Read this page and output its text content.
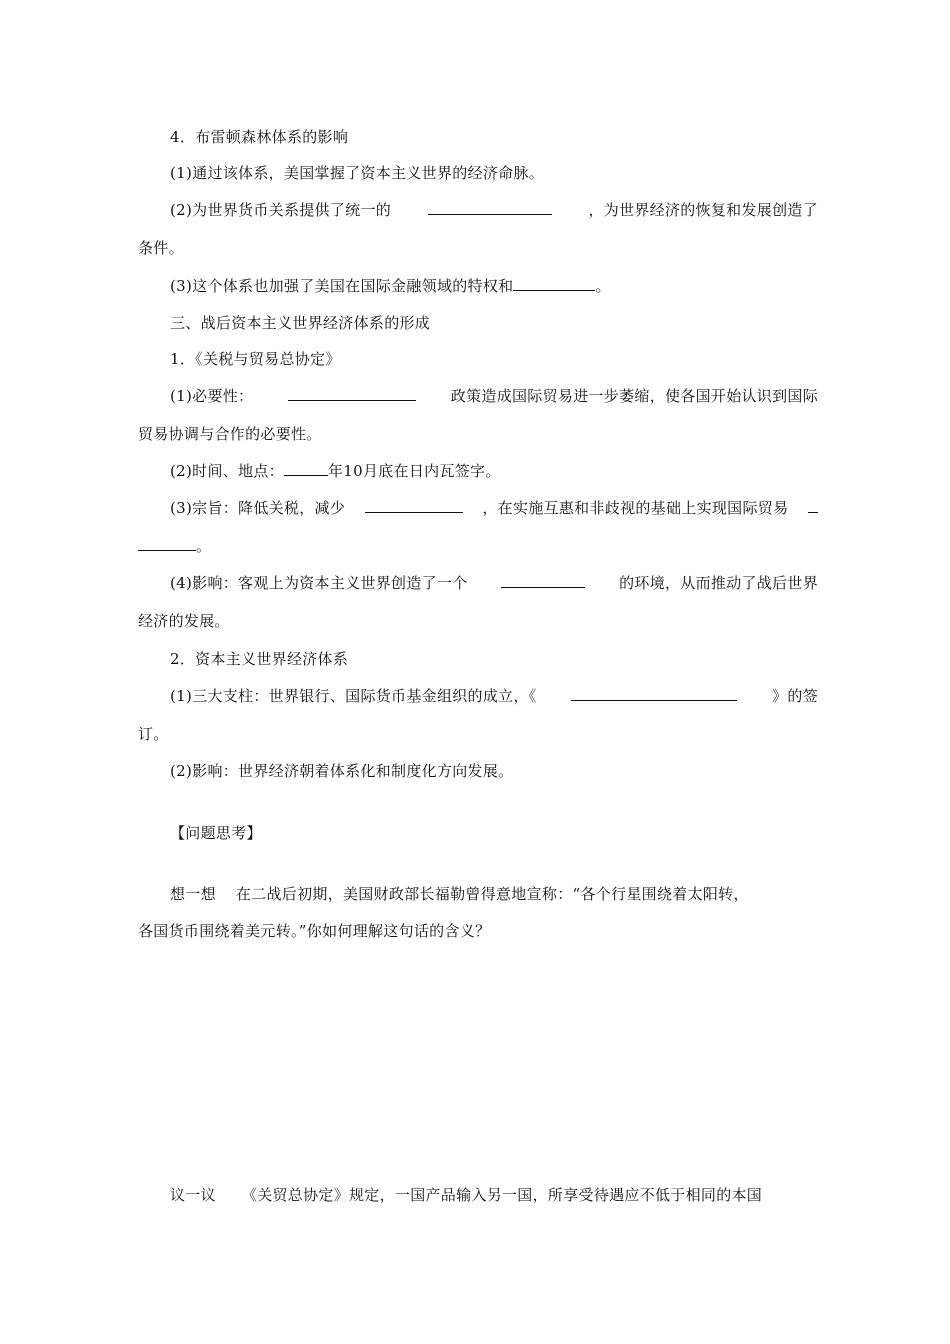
4．布雷顿森林体系的影响
(1)通过该体系，美国掌握了资本主义世界的经济命脉。
(2)为世界货币关系提供了统一的	，为世界经济的恢复和发展创造了
条件。
(3)这个体系也加强了美国在国际金融领域的特权和	。
三、战后资本主义世界经济体系的形成
1．《关税与贸易总协定》
(1)必要性：	政策造成国际贸易进一步萎缩，使各国开始认识到国际
贸易协调与合作的必要性。
(2)时间、地点：	年10月底在日内瓦签字。
(3)宗旨：降低关税，减少	，在实施互惠和非歧视的基础上实现国际贸易
。
(4)影响：客观上为资本主义世界创造了一个	的环境，从而推动了战后世界
经济的发展。
2．资本主义世界经济体系
(1)三大支柱：世界银行、国际货币基金组织的成立，《	》的签
订。
(2)影响：世界经济朝着体系化和制度化方向发展。
【问题思考】
想一想 在二战后初期，美国财政部长福勒曾得意地宣称：“各个行星围绕着太阳转，
各国货币围绕着美元转。”你如何理解这句话的含义？
议一议 《关贸总协定》规定，一国产品输入另一国，所享受待遇应不低于相同的本国
